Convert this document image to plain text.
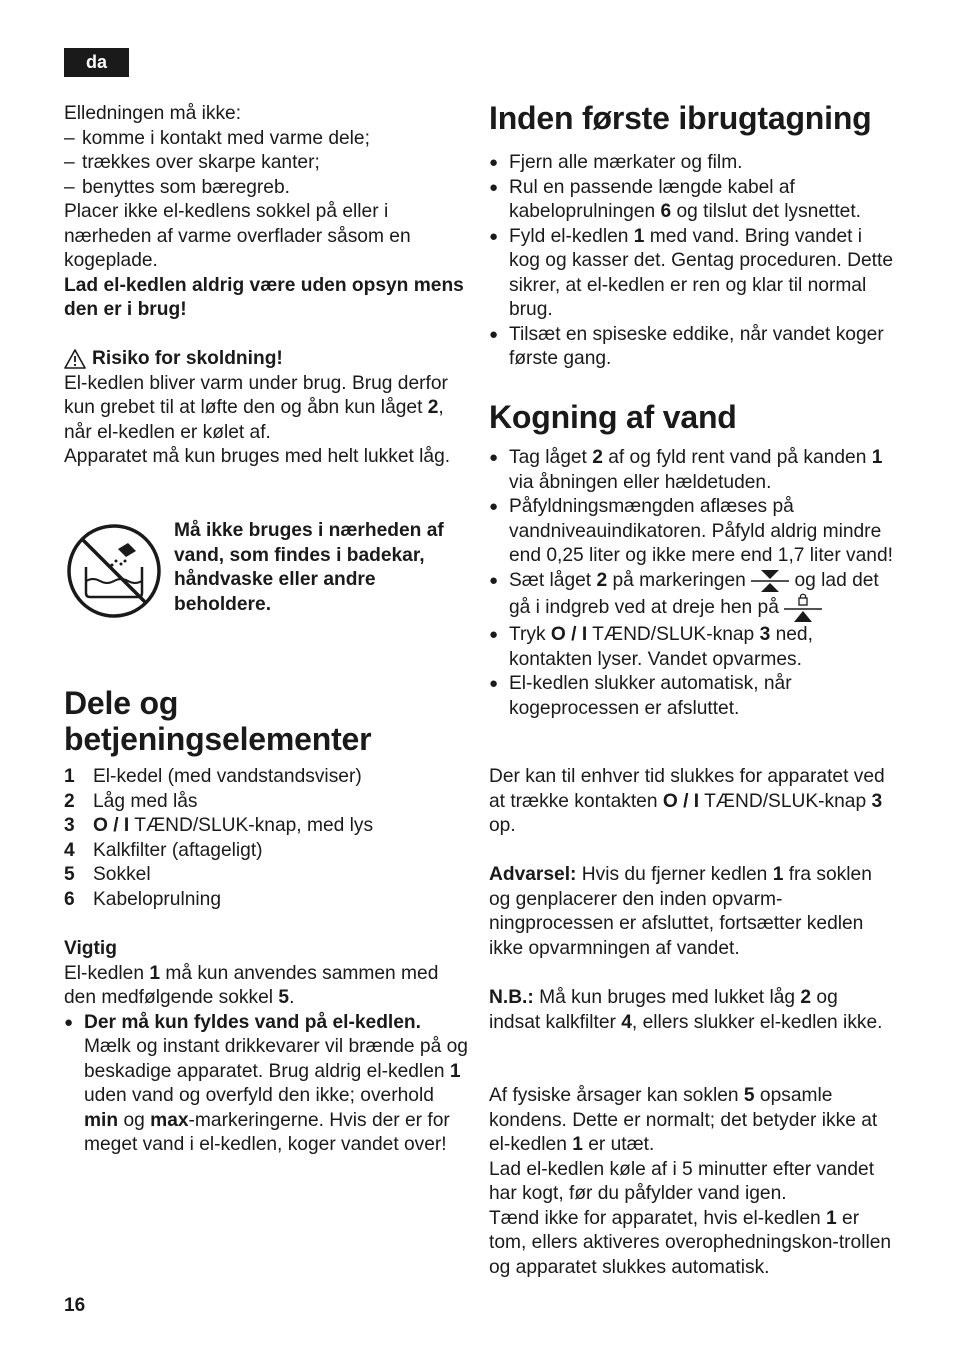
da

Elledningen må ikke:

– komme i kontakt med varme dele;
– trækkes over skarpe kanter;
– benyttes som bæregreb.

Placer ikke el-kedlens sokkel på eller i nærheden af varme overflader såsom en kogeplade.

Lad el-kedlen aldrig være uden opsyn mens den er i brug!

Risiko for skoldning!

El-kedlen bliver varm under brug. Brug derfor kun grebet til at løfte den og åbn kun låget 2, når el-kedlen er kølet af.

Apparatet må kun bruges med helt lukket låg.

Må ikke bruges i nærheden af vand, som findes i badekar, håndvaske eller andre beholdere.

Dele og
betjeningselementer
1 El-kedel (med vandstandsviser)
2 Låg med lås
3 O / I TÆND/SLUK-knap, med lys
4 Kalkfilter (aftageligt)
5 Sokkel
6 Kabeloprulning

Vigtig

El-kedlen 1 må kun anvendes sammen med den medfølgende sokkel 5.

● Der må kun fyldes vand på el-kedlen.
Mælk og instant drikkevarer vil brænde på og beskadige apparatet. Brug aldrig el-kedlen 1 uden vand og overfyld den ikke; overhold min og max-markeringerne. Hvis der er for meget vand i el-kedlen, koger vandet over!
Inden første ibrugtagning
● Fjern alle mærkater og film.
● Rul en passende længde kabel af kabeloprulningen 6 og tilslut det lysnettet.
● Fyld el-kedlen 1 med vand. Bring vandet i kog og kasser det. Gentag proceduren. Dette sikrer, at el-kedlen er ren og klar til normal brug.
● Tilsæt en spiseske eddike, når vandet koger første gang.
Kogning af vand
● Tag låget 2 af og fyld rent vand på kanden 1 via åbningen eller hældetuden.
● Påfyldningsmængden aflæses på vandniveauindikatoren. Påfyld aldrig mindre end 0,25 liter og ikke mere end 1,7 liter vand!
● Sæt låget 2 på markeringen  og lad det gå i indgreb ved at dreje hen på
● Tryk O / I TÆND/SLUK-knap 3 ned, kontakten lyser. Vandet opvarmes.
● El-kedlen slukker automatisk, når kogeprocessen er afsluttet.

Der kan til enhver tid slukkes for apparatet ved at trække kontakten O / I TÆND/SLUK-knap 3 op.

Advarsel: Hvis du fjerner kedlen 1 fra soklen og genplacerer den inden opvarm-ningprocessen er afsluttet, fortsætter kedlen ikke opvarmningen af vandet.

N.B.: Må kun bruges med lukket låg 2 og indsat kalkfilter 4, ellers slukker el-kedlen ikke.

Af fysiske årsager kan soklen 5 opsamle kondens. Dette er normalt; det betyder ikke at el-kedlen 1 er utæt.

Lad el-kedlen køle af i 5 minutter efter vandet har kogt, før du påfylder vand igen.

Tænd ikke for apparatet, hvis el-kedlen 1 er tom, ellers aktiveres overophedningskon-trollen og apparatet slukkes automatisk.

16
